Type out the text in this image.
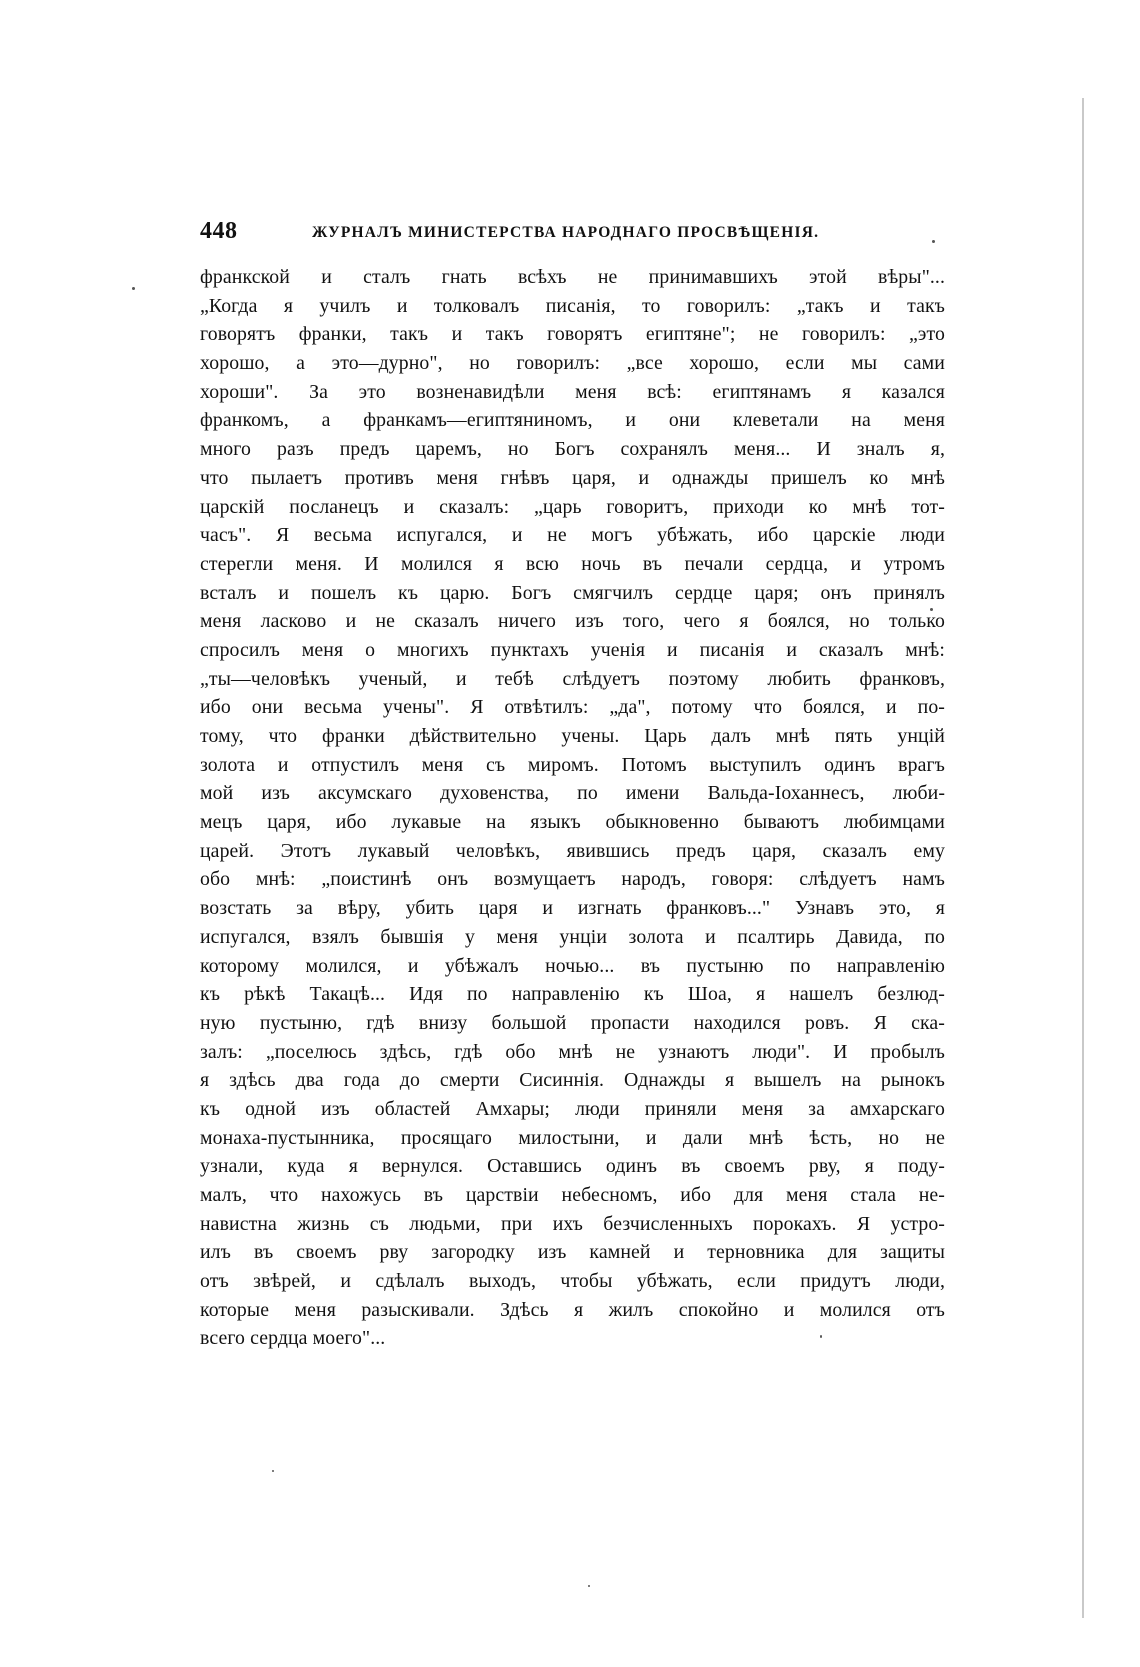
448	ЖУРНАЛЪ МИНИСТЕРСТВА НАРОДНАГО ПРОСВѢЩЕНІЯ.
франкской и сталъ гнать всѣхъ не принимавшихъ этой вѣры"...
„Когда я училъ и толковалъ писанія, то говорилъ: „такъ и такъ
говорятъ франки, такъ и такъ говорятъ египтяне"; не говорилъ: „это
хорошо, а это—дурно", но говорилъ: „все хорошо, если мы сами
хороши". За это возненавидѣли меня всѣ: египтянамъ я казался
франкомъ, а франкамъ—египтяниномъ, и они клеветали на меня
много разъ предъ царемъ, но Богъ сохранялъ меня... И зналъ я,
что пылаетъ противъ меня гнѣвъ царя, и однажды пришелъ ко мнѣ
царскій посланецъ и сказалъ: „царь говоритъ, приходи ко мнѣ тот-
часъ". Я весьма испугался, и не могъ убѣжать, ибо царскіе люди
стерегли меня. И молился я всю ночь въ печали сердца, и утромъ
всталъ и пошелъ къ царю. Богъ смягчилъ сердце царя; онъ принялъ
меня ласково и не сказалъ ничего изъ того, чего я боялся, но только
спросилъ меня о многихъ пунктахъ ученія и писанія и сказалъ мнѣ:
„ты—человѣкъ ученый, и тебѣ слѣдуетъ поэтому любить франковъ,
ибо они весьма учены". Я отвѣтилъ: „да", потому что боялся, и по-
тому, что франки дѣйствительно учены. Царь далъ мнѣ пять унцій
золота и отпустилъ меня съ миромъ. Потомъ выступилъ одинъ врагъ
мой изъ аксумскаго духовенства, по имени Вальда-Іоханнесъ, люби-
мецъ царя, ибо лукавые на языкъ обыкновенно бываютъ любимцами
царей. Этотъ лукавый человѣкъ, явившись предъ царя, сказалъ ему
обо мнѣ: „поистинѣ онъ возмущаетъ народъ, говоря: слѣдуетъ намъ
возстать за вѣру, убить царя и изгнать франковъ..." Узнавъ это, я
испугался, взялъ бывшія у меня унціи золота и псалтирь Давида, по
которому молился, и убѣжалъ ночью... въ пустыню по направленію
къ рѣкѣ Такацѣ... Идя по направленію къ Шоа, я нашелъ безлюд-
ную пустыню, гдѣ внизу большой пропасти находился ровъ. Я ска-
залъ: „поселюсь здѣсь, гдѣ обо мнѣ не узнаютъ люди". И пробылъ
я здѣсь два года до смерти Сисиннія. Однажды я вышелъ на рынокъ
къ одной изъ областей Амхары; люди приняли меня за амхарскаго
монаха-пустынника, просящаго милостыни, и дали мнѣ ѣсть, но не
узнали, куда я вернулся. Оставшись одинъ въ своемъ рву, я поду-
малъ, что нахожусь въ царствіи небесномъ, ибо для меня стала не-
навистна жизнь съ людьми, при ихъ безчисленныхъ порокахъ. Я устро-
илъ въ своемъ рву загородку изъ камней и терновника для защиты
отъ звѣрей, и сдѣлалъ выходъ, чтобы убѣжать, если придутъ люди,
которые меня разыскивали. Здѣсь я жилъ спокойно и молился отъ
всего сердца моего"...
